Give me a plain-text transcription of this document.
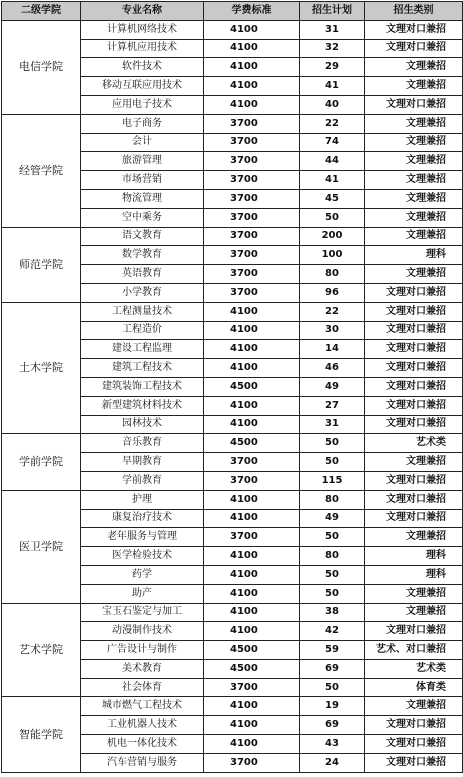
二级学院	专业名称	学费标准	招生计划	招生类别
电信学院	计算机网络技术	4100	31	文理对口兼招
	计算机应用技术	4100	32	文理对口兼招
	软件技术	4100	29	文理兼招
	移动互联应用技术	4100	41	文理兼招
	应用电子技术	4100	40	文理对口兼招
经管学院	电子商务	3700	22	文理兼招
	会计	3700	74	文理兼招
	旅游管理	3700	44	文理兼招
	市场营销	3700	41	文理兼招
	物流管理	3700	45	文理兼招
	空中乘务	3700	50	文理兼招
师范学院	语文教育	3700	200	文理兼招
	数学教育	3700	100	理科
	英语教育	3700	80	文理兼招
	小学教育	3700	96	文理对口兼招
土木学院	工程测量技术	4100	22	文理对口兼招
	工程造价	4100	30	文理对口兼招
	建设工程监理	4100	14	文理对口兼招
	建筑工程技术	4100	46	文理对口兼招
	建筑装饰工程技术	4500	49	文理对口兼招
	新型建筑材料技术	4100	27	文理对口兼招
	园林技术	4100	31	文理对口兼招
学前学院	音乐教育	4500	50	艺术类
	早期教育	3700	50	文理兼招
	学前教育	3700	115	文理对口兼招
医卫学院	护理	4100	80	文理对口兼招
	康复治疗技术	4100	49	文理对口兼招
	老年服务与管理	3700	50	文理兼招
	医学检验技术	4100	80	理科
	药学	4100	50	理科
	助产	4100	50	文理兼招
艺术学院	宝玉石鉴定与加工	4100	38	文理兼招
	动漫制作技术	4100	42	文理对口兼招
	广告设计与制作	4500	59	艺术、对口兼招
	美术教育	4500	69	艺术类
	社会体育	3700	50	体育类
智能学院	城市燃气工程技术	4100	19	文理兼招
	工业机器人技术	4100	69	文理对口兼招
	机电一体化技术	4100	43	文理对口兼招
	汽车营销与服务	3700	24	文理对口兼招
